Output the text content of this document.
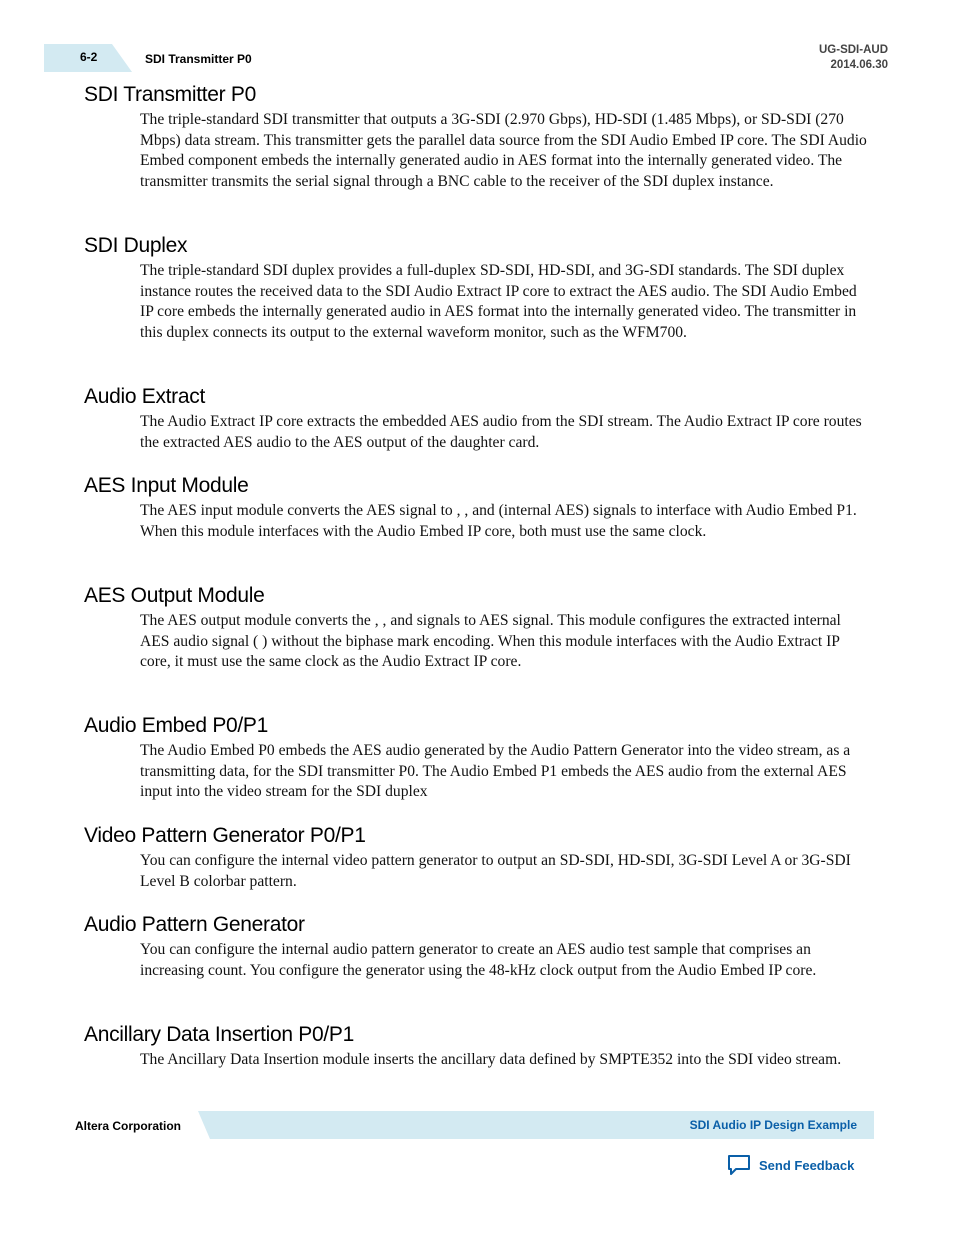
6-2	SDI Transmitter P0
UG-SDI-AUD
2014.06.30
SDI Transmitter P0

The triple-standard SDI transmitter that outputs a 3G-SDI (2.970 Gbps), HD-SDI (1.485 Mbps), or SD-SDI (270 Mbps) data stream. This transmitter gets the parallel data source from the SDI Audio Embed IP core. The SDI Audio Embed component embeds the internally generated audio in AES format into the internally generated video. The transmitter transmits the serial signal through a BNC cable to the receiver of the SDI duplex instance.

SDI Duplex

The triple-standard SDI duplex provides a full-duplex SD-SDI, HD-SDI, and 3G-SDI standards. The SDI duplex instance routes the received data to the SDI Audio Extract IP core to extract the AES audio. The SDI Audio Embed IP core embeds the internally generated audio in AES format into the internally generated video. The transmitter in this duplex connects its output to the external waveform monitor, such as the WFM700.

Audio Extract

The Audio Extract IP core extracts the embedded AES audio from the SDI stream. The Audio Extract IP core routes the extracted AES audio to the AES output of the daughter card.

AES Input Module

The AES input module converts the AES signal to , , and (internal AES) signals to interface with Audio Embed P1. When this module interfaces with the Audio Embed IP core, both must use the same clock.

AES Output Module

The AES output module converts the , , and signals to AES signal. This module configures the extracted internal AES audio signal ( ) without the biphase mark encoding. When this module interfaces with the Audio Extract IP core, it must use the same clock as the Audio Extract IP core.

Audio Embed P0/P1

The Audio Embed P0 embeds the AES audio generated by the Audio Pattern Generator into the video stream, as a transmitting data, for the SDI transmitter P0. The Audio Embed P1 embeds the AES audio from the external AES input into the video stream for the SDI duplex

Video Pattern Generator P0/P1

You can configure the internal video pattern generator to output an SD-SDI, HD-SDI, 3G-SDI Level A or 3G-SDI Level B colorbar pattern.

Audio Pattern Generator

You can configure the internal audio pattern generator to create an AES audio test sample that comprises an increasing count. You configure the generator using the 48-kHz clock output from the Audio Embed IP core.

Ancillary Data Insertion P0/P1

The Ancillary Data Insertion module inserts the ancillary data defined by SMPTE352 into the SDI video stream.

Altera Corporation	SDI Audio IP Design Example
Send Feedback
